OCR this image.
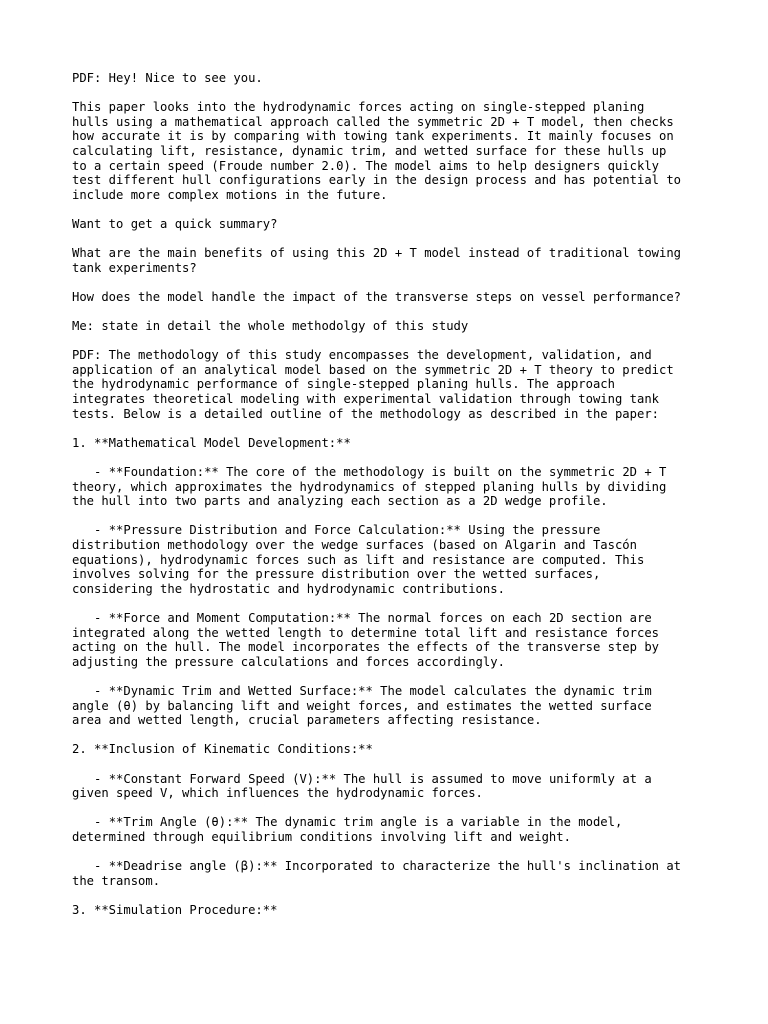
PDF: Hey! Nice to see you.

This paper looks into the hydrodynamic forces acting on single-stepped planing
hulls using a mathematical approach called the symmetric 2D + T model, then checks
how accurate it is by comparing with towing tank experiments. It mainly focuses on
calculating lift, resistance, dynamic trim, and wetted surface for these hulls up
to a certain speed (Froude number 2.0). The model aims to help designers quickly
test different hull configurations early in the design process and has potential to
include more complex motions in the future.

Want to get a quick summary?

What are the main benefits of using this 2D + T model instead of traditional towing
tank experiments?

How does the model handle the impact of the transverse steps on vessel performance?

Me: state in detail the whole methodolgy of this study

PDF: The methodology of this study encompasses the development, validation, and
application of an analytical model based on the symmetric 2D + T theory to predict
the hydrodynamic performance of single-stepped planing hulls. The approach
integrates theoretical modeling with experimental validation through towing tank
tests. Below is a detailed outline of the methodology as described in the paper:

1. **Mathematical Model Development:**

- **Foundation:** The core of the methodology is built on the symmetric 2D + T
theory, which approximates the hydrodynamics of stepped planing hulls by dividing
the hull into two parts and analyzing each section as a 2D wedge profile.

- **Pressure Distribution and Force Calculation:** Using the pressure
distribution methodology over the wedge surfaces (based on Algarin and Tascón
equations), hydrodynamic forces such as lift and resistance are computed. This
involves solving for the pressure distribution over the wetted surfaces,
considering the hydrostatic and hydrodynamic contributions.

- **Force and Moment Computation:** The normal forces on each 2D section are
integrated along the wetted length to determine total lift and resistance forces
acting on the hull. The model incorporates the effects of the transverse step by
adjusting the pressure calculations and forces accordingly.

- **Dynamic Trim and Wetted Surface:** The model calculates the dynamic trim
angle (θ) by balancing lift and weight forces, and estimates the wetted surface
area and wetted length, crucial parameters affecting resistance.

2. **Inclusion of Kinematic Conditions:**

- **Constant Forward Speed (V):** The hull is assumed to move uniformly at a
given speed V, which influences the hydrodynamic forces.

- **Trim Angle (θ):** The dynamic trim angle is a variable in the model,
determined through equilibrium conditions involving lift and weight.

- **Deadrise angle (β):** Incorporated to characterize the hull's inclination at
the transom.

3. **Simulation Procedure:**
